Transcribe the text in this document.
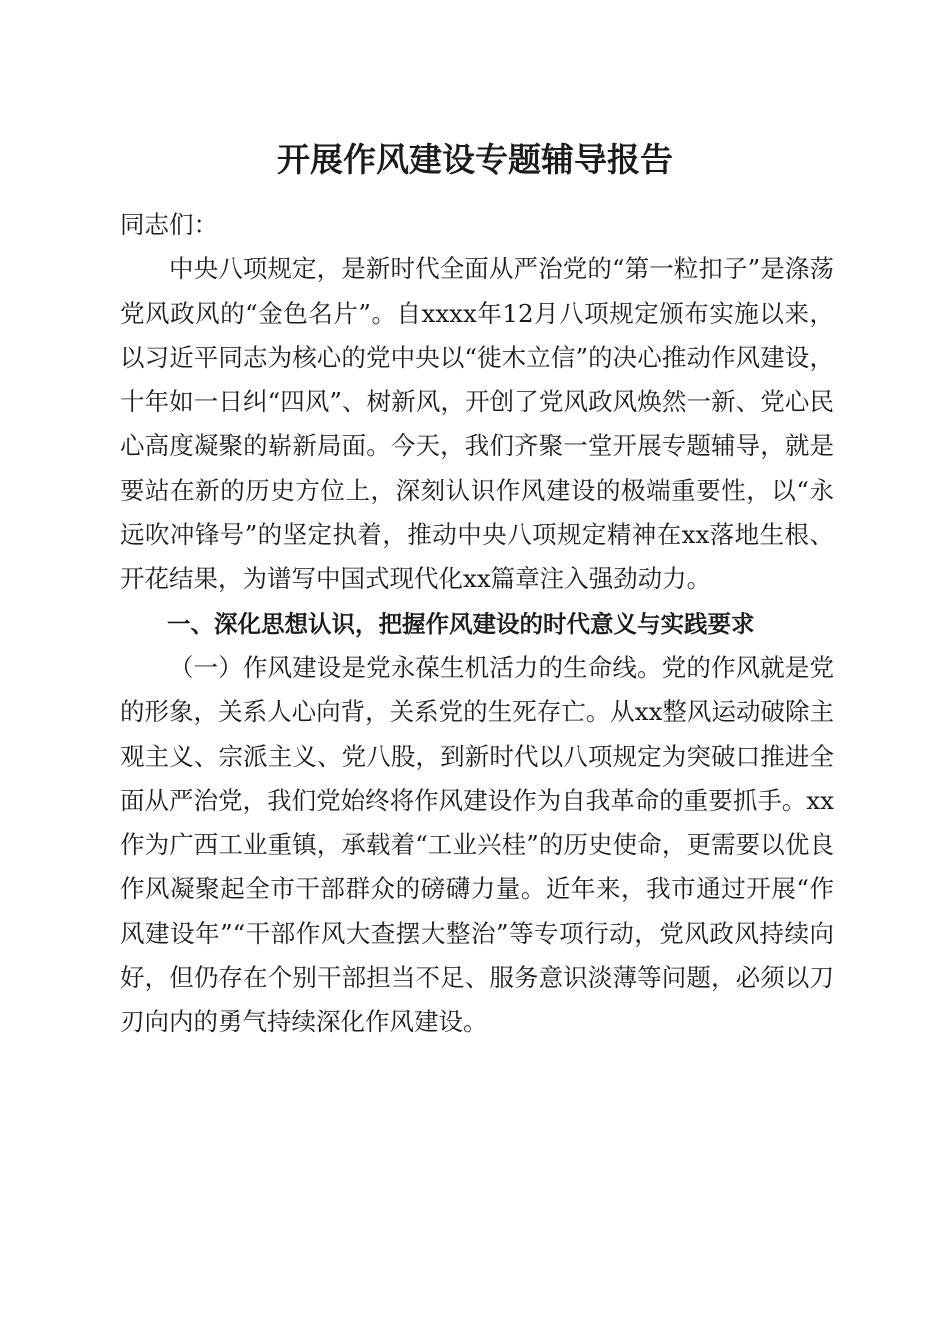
开展作风建设专题辅导报告

同志们：

中央八项规定，是新时代全面从严治党的“第一粒扣子”是涤荡党风政风的“金色名片”。自xxxx年12月八项规定颁布实施以来，以习近平同志为核心的党中央以“徙木立信”的决心推动作风建设，十年如一日纠“四风”、树新风，开创了党风政风焕然一新、党心民心高度凝聚的崭新局面。今天，我们齐聚一堂开展专题辅导，就是要站在新的历史方位上，深刻认识作风建设的极端重要性，以“永远吹冲锋号”的坚定执着，推动中央八项规定精神在xx落地生根、开花结果，为谱写中国式现代化xx篇章注入强劲动力。

一、深化思想认识，把握作风建设的时代意义与实践要求

（一）作风建设是党永葆生机活力的生命线。党的作风就是党的形象，关系人心向背，关系党的生死存亡。从xx整风运动破除主观主义、宗派主义、党八股，到新时代以八项规定为突破口推进全面从严治党，我们党始终将作风建设作为自我革命的重要抓手。xx作为广西工业重镇，承载着“工业兴桂”的历史使命，更需要以优良作风凝聚起全市干部群众的磅礴力量。近年来，我市通过开展“作风建设年”“干部作风大查摆大整治”等专项行动，党风政风持续向好，但仍存在个别干部担当不足、服务意识淡薄等问题，必须以刀刃向内的勇气持续深化作风建设。
